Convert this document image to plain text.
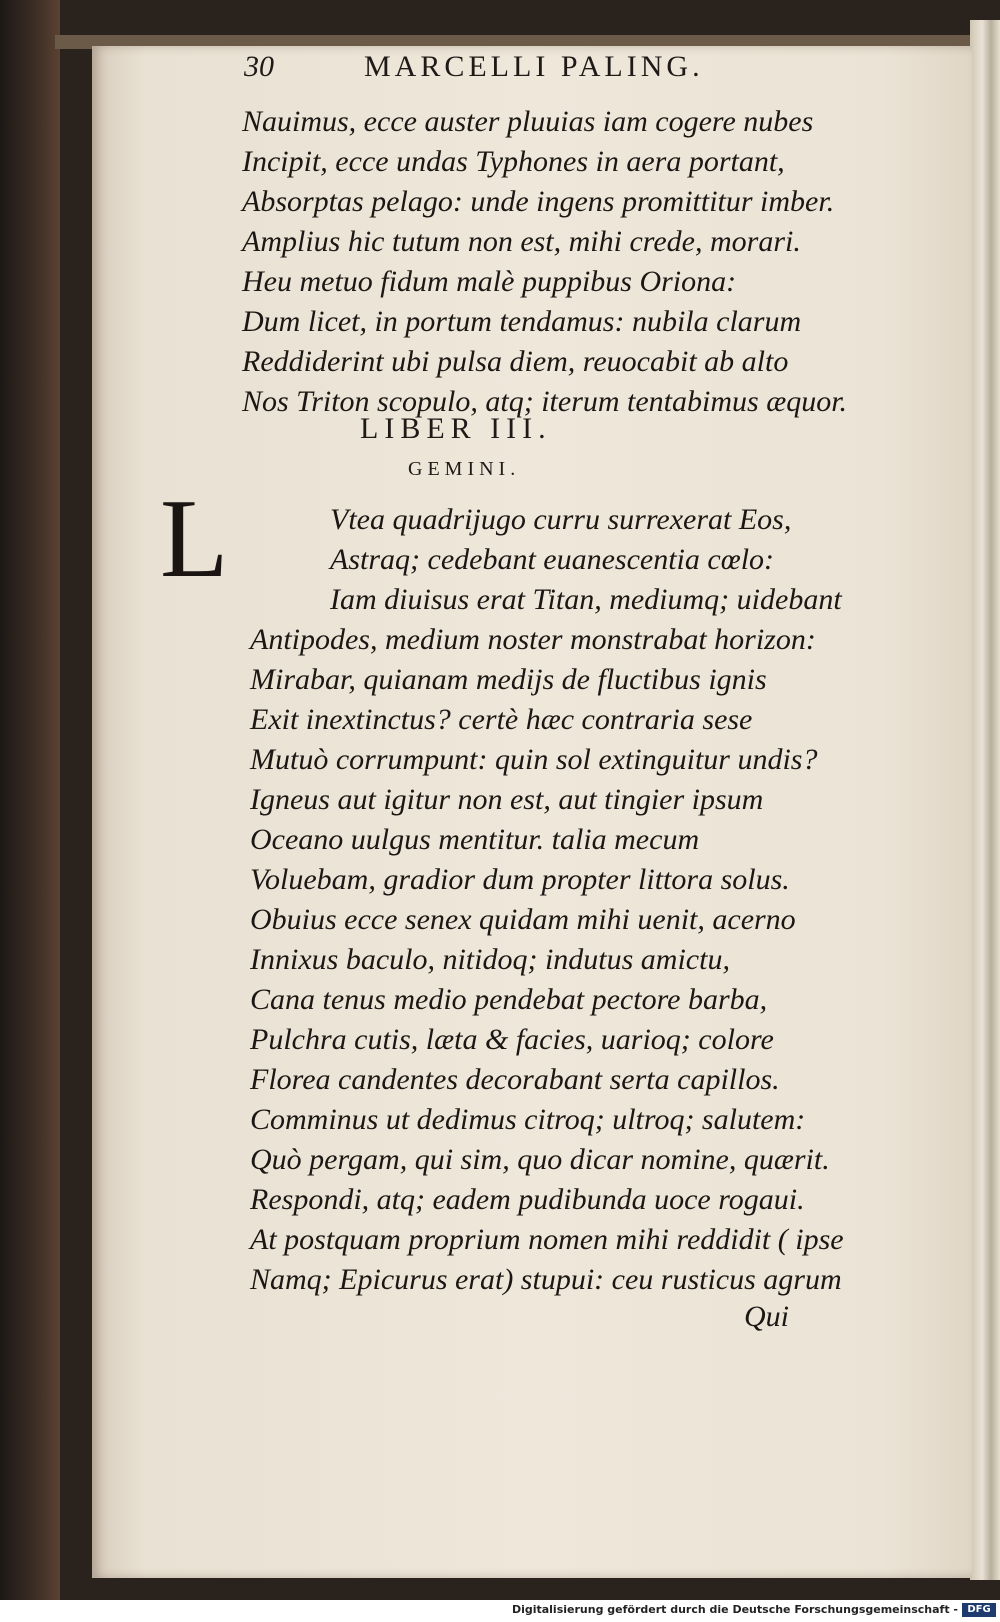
30	MARCELLI PALING.
Nauimus, ecce auster pluuias iam cogere nubes
Incipit, ecce undas Typhones in aera portant,
Absorptas pelago: unde ingens promittitur imber.
Amplius hic tutum non est, mihi crede, morari.
Heu metuo fidum malè puppibus Oriona:
Dum licet, in portum tendamus: nubila clarum
Reddiderint ubi pulsa diem, reuocabit ab alto
Nos Triton scopulo, atq; iterum tentabimus æquor.
LIBER III.
GEMINI.
L	Vtea quadrijugo curru surrexerat Eos,
Astraq; cedebant euanescentia cœlo:
Iam diuisus erat Titan, mediumq; uidebant
Antipodes, medium noster monstrabat horizon:
Mirabar, quianam medijs de fluctibus ignis
Exit inextinctus? certè hæc contraria sese
Mutuò corrumpunt: quin sol extinguitur undis?
Igneus aut igitur non est, aut tingier ipsum
Oceano uulgus mentitur. talia mecum
Voluebam, gradior dum propter littora solus.
Obuius ecce senex quidam mihi uenit, acerno
Innixus baculo, nitidoq; indutus amictu,
Cana tenus medio pendebat pectore barba,
Pulchra cutis, læta & facies, uarioq; colore
Florea candentes decorabant serta capillos.
Comminus ut dedimus citroq; ultroq; salutem:
Quò pergam, qui sim, quo dicar nomine, quærit.
Respondi, atq; eadem pudibunda uoce rogaui.
At postquam proprium nomen mihi reddidit ( ipse
Namq; Epicurus erat) stupui: ceu rusticus agrum
Qui
Digitalisierung gefördert durch die Deutsche Forschungsgemeinschaft - DFG
